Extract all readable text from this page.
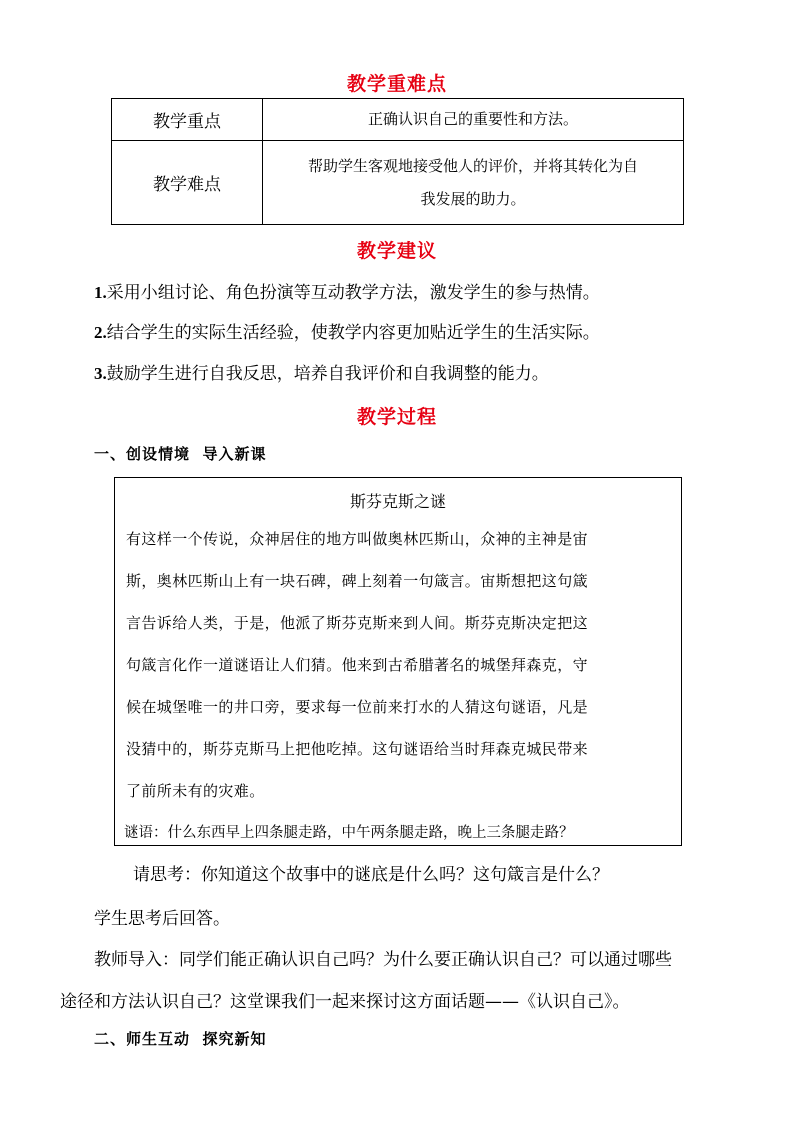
教学重难点
教学重点	正确认识自己的重要性和方法。
教学难点	帮助学生客观地接受他人的评价，并将其转化为自
我发展的助力。
教学建议

1.采用小组讨论、角色扮演等互动教学方法，激发学生的参与热情。

2.结合学生的实际生活经验，使教学内容更加贴近学生的生活实际。

3.鼓励学生进行自我反思，培养自我评价和自我调整的能力。

教学过程

一、创设情境  导入新课

斯芬克斯之谜

有这样一个传说，众神居住的地方叫做奥林匹斯山，众神的主神是宙

斯，奥林匹斯山上有一块石碑，碑上刻着一句箴言。宙斯想把这句箴

言告诉给人类，于是，他派了斯芬克斯来到人间。斯芬克斯决定把这

句箴言化作一道谜语让人们猜。他来到古希腊著名的城堡拜森克，守

候在城堡唯一的井口旁，要求每一位前来打水的人猜这句谜语，凡是

没猜中的，斯芬克斯马上把他吃掉。这句谜语给当时拜森克城民带来

了前所未有的灾难。

谜语：什么东西早上四条腿走路，中午两条腿走路，晚上三条腿走路？

请思考：你知道这个故事中的谜底是什么吗？这句箴言是什么？

学生思考后回答。

教师导入：同学们能正确认识自己吗？为什么要正确认识自己？可以通过哪些

途径和方法认识自己？这堂课我们一起来探讨这方面话题——《认识自己》。

二、师生互动  探究新知
